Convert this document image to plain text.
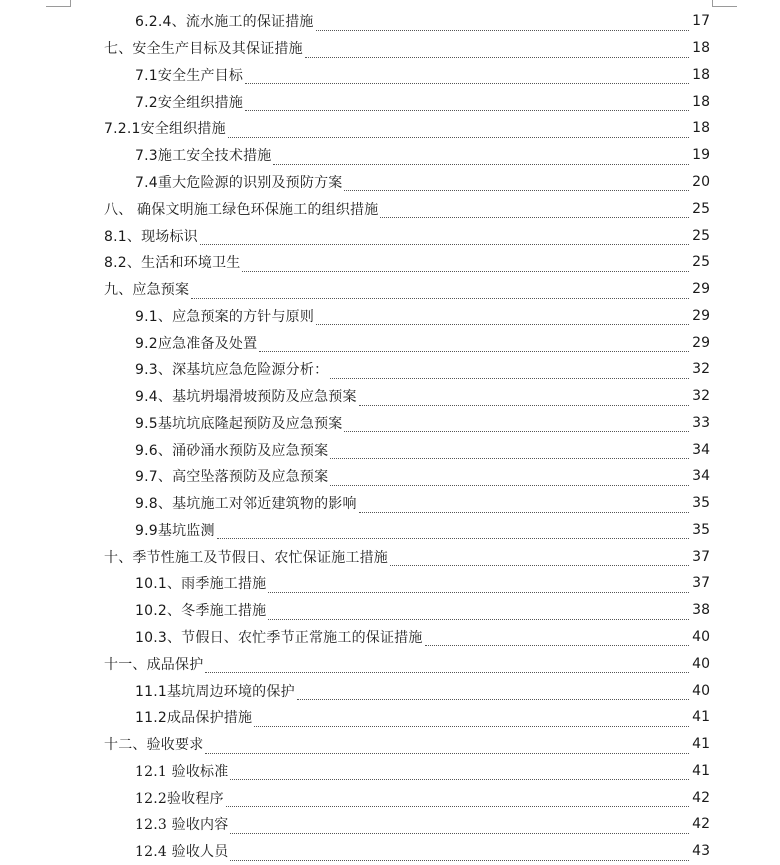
6.2.4、流水施工的保证措施	17
七、安全生产目标及其保证措施	18
7.1安全生产目标	18
7.2安全组织措施	18
7.2.1安全组织措施	18
7.3施工安全技术措施	19
7.4重大危险源的识别及预防方案	20
八、 确保文明施工绿色环保施工的组织措施	25
8.1、现场标识	25
8.2、生活和环境卫生	25
九、应急预案	29
9.1、应急预案的方针与原则	29
9.2应急准备及处置	29
9.3、深基坑应急危险源分析：	32
9.4、基坑坍塌滑坡预防及应急预案	32
9.5基坑坑底隆起预防及应急预案	33
9.6、涌砂涌水预防及应急预案	34
9.7、高空坠落预防及应急预案	34
9.8、基坑施工对邻近建筑物的影响	35
9.9基坑监测	35
十、季节性施工及节假日、农忙保证施工措施	37
10.1、雨季施工措施	37
10.2、冬季施工措施	38
10.3、节假日、农忙季节正常施工的保证措施	40
十一、成品保护	40
11.1基坑周边环境的保护	40
11.2成品保护措施	41
十二、验收要求	41
12.1 验收标准	41
12.2验收程序	42
12.3 验收内容	42
12.4 验收人员	43
